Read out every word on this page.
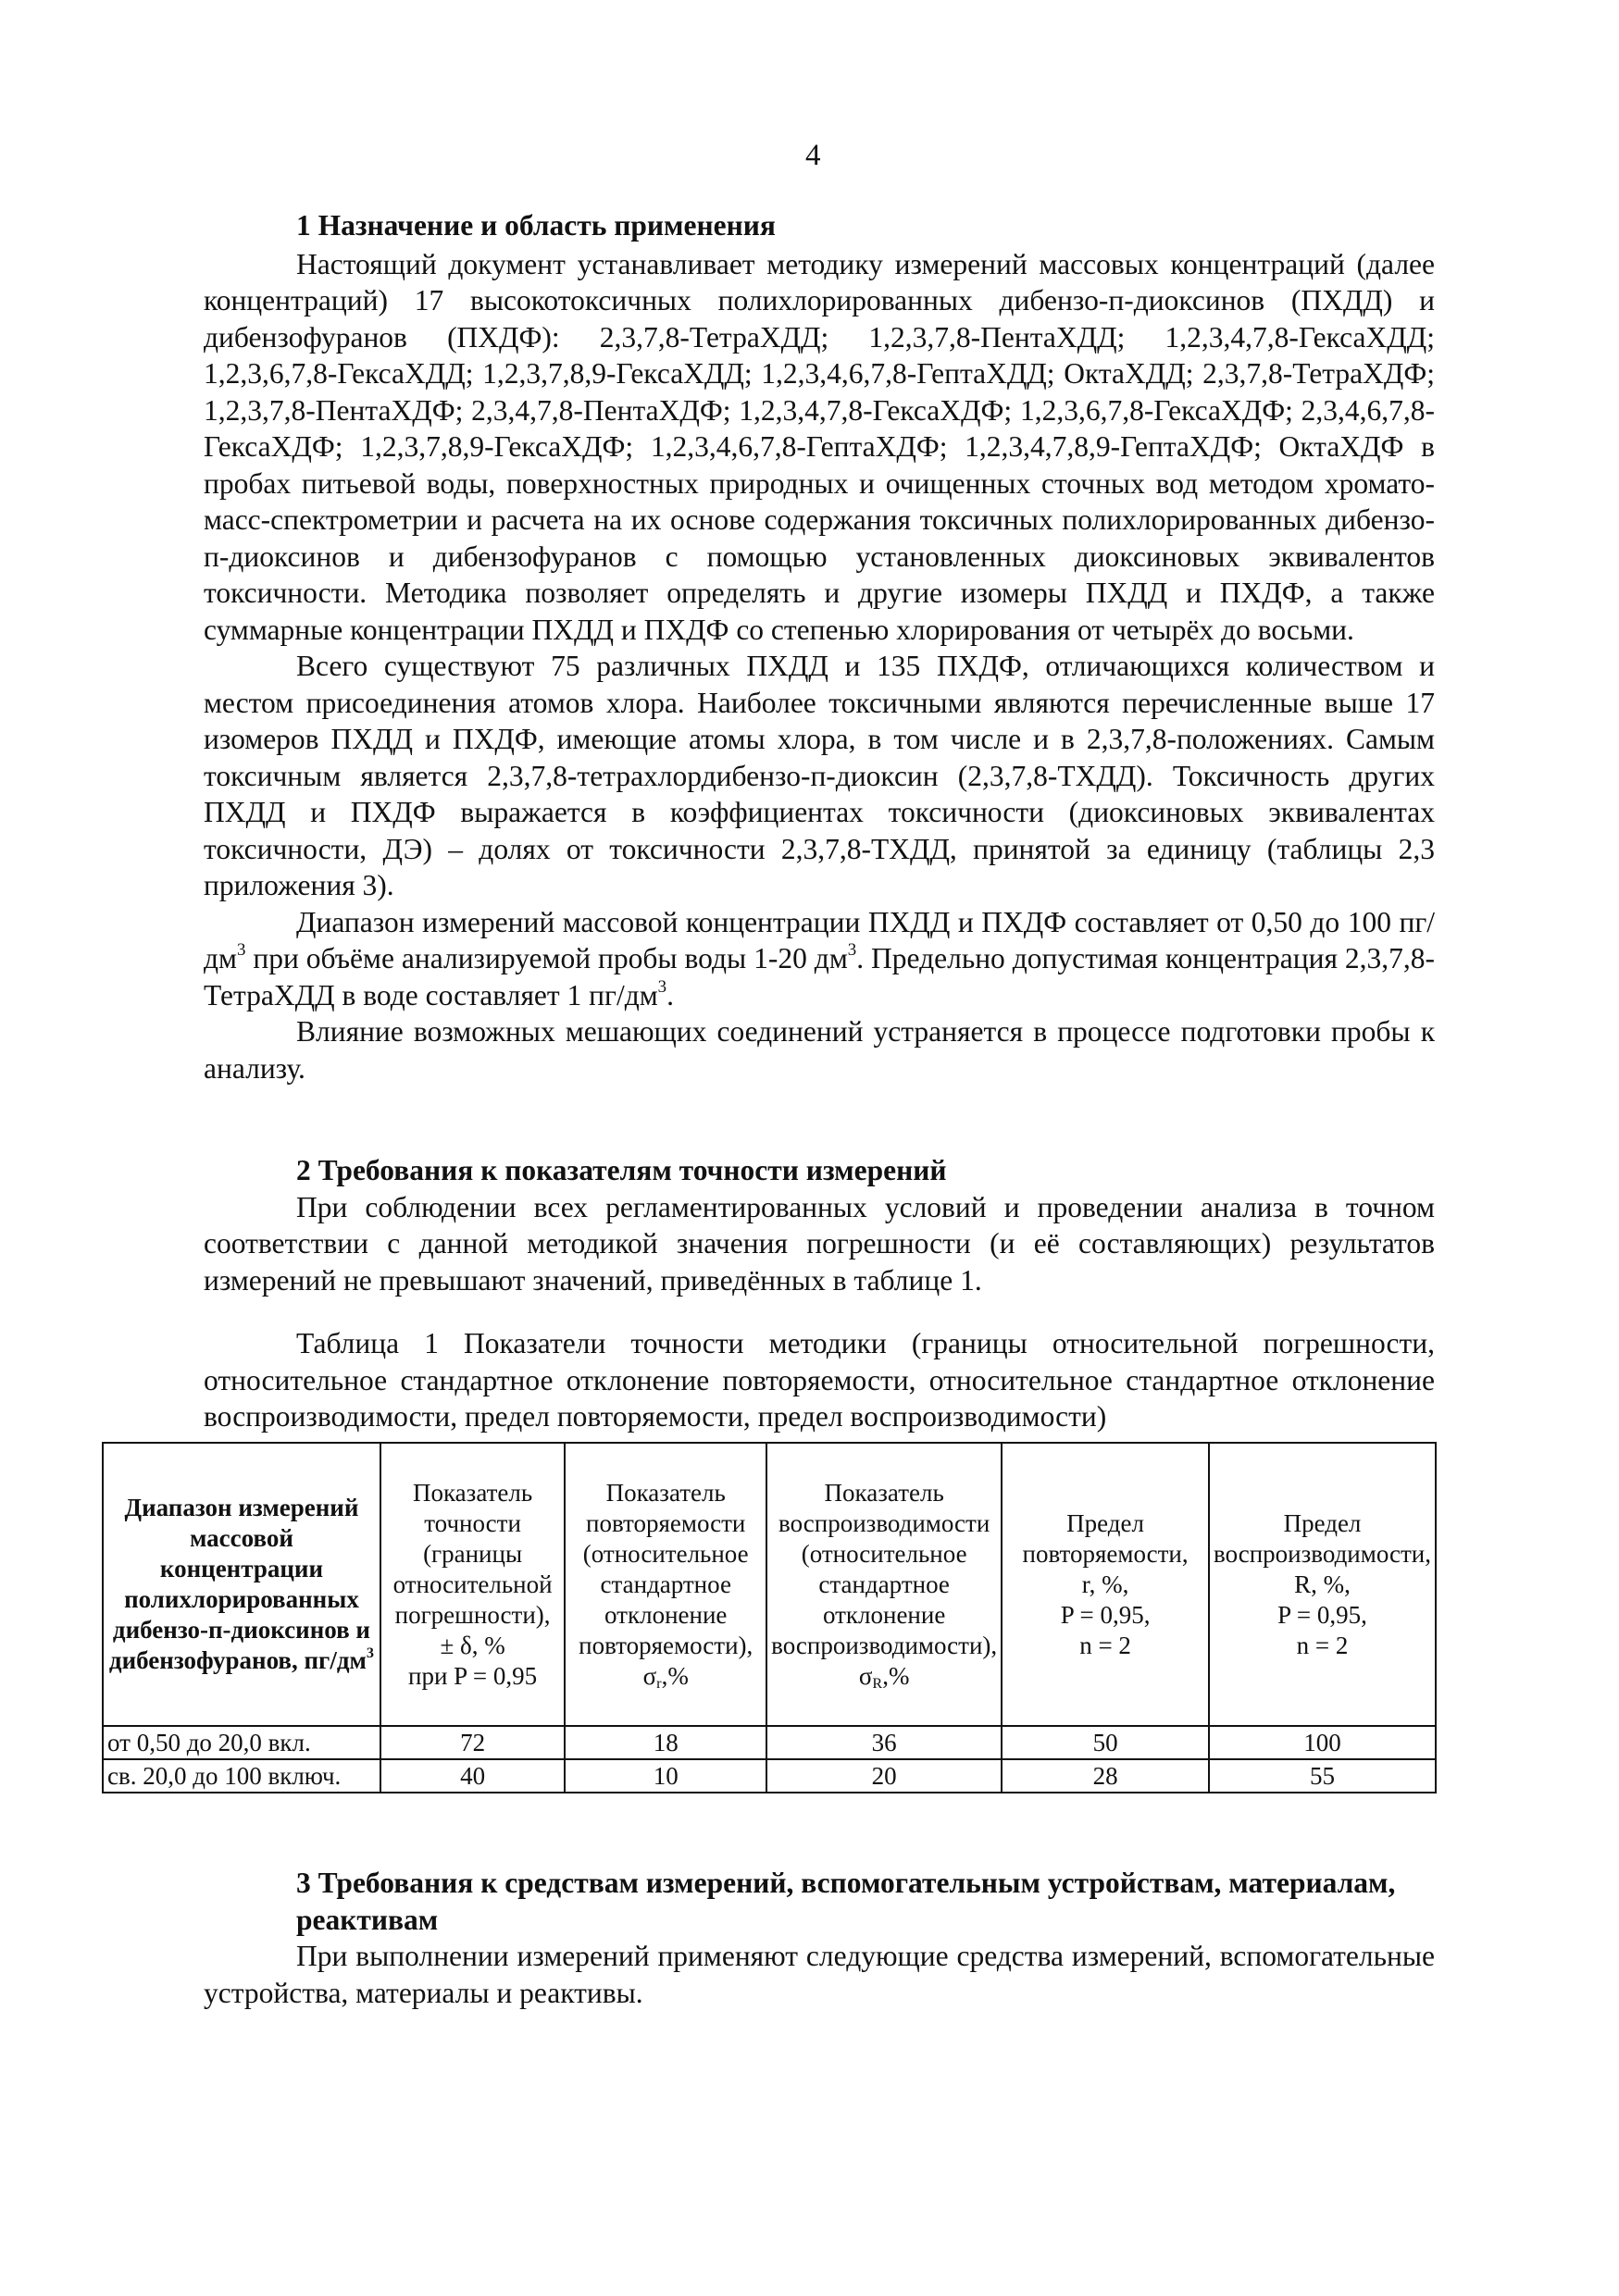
4

1 Назначение и область применения

Настоящий документ устанавливает методику измерений массовых концентраций (далее концентраций) 17 высокотоксичных полихлорированных дибензо-п-диоксинов (ПХДД) и дибензофуранов (ПХДФ): 2,3,7,8-ТетраХДД; 1,2,3,7,8-ПентаХДД; 1,2,3,4,7,8-ГексаХДД; 1,2,3,6,7,8-ГексаХДД; 1,2,3,7,8,9-ГексаХДД; 1,2,3,4,6,7,8-ГептаХДД; ОктаХДД; 2,3,7,8-ТетраХДФ; 1,2,3,7,8-ПентаХДФ; 2,3,4,7,8-ПентаХДФ; 1,2,3,4,7,8-ГексаХДФ; 1,2,3,6,7,8-ГексаХДФ; 2,3,4,6,7,8-ГексаХДФ; 1,2,3,7,8,9-ГексаХДФ; 1,2,3,4,6,7,8-ГептаХДФ; 1,2,3,4,7,8,9-ГептаХДФ; ОктаХДФ в пробах питьевой воды, поверхностных природных и очищенных сточных вод методом хромато-масс-спектрометрии и расчета на их основе содержания токсичных полихлорированных дибензо-п-диоксинов и дибензофуранов с помощью установленных диоксиновых эквивалентов токсичности. Методика позволяет определять и другие изомеры ПХДД и ПХДФ, а также суммарные концентрации ПХДД и ПХДФ со степенью хлорирования от четырёх до восьми.

Всего существуют 75 различных ПХДД и 135 ПХДФ, отличающихся количеством и местом присоединения атомов хлора. Наиболее токсичными являются перечисленные выше 17 изомеров ПХДД и ПХДФ, имеющие атомы хлора, в том числе и в 2,3,7,8-положениях. Самым токсичным является 2,3,7,8-тетрахлордибензо-п-диоксин (2,3,7,8-ТХДД). Токсичность других ПХДД и ПХДФ выражается в коэффициентах токсичности (диоксиновых эквивалентах токсичности, ДЭ) – долях от токсичности 2,3,7,8-ТХДД, принятой за единицу (таблицы 2,3 приложения 3).

Диапазон измерений массовой концентрации ПХДД и ПХДФ составляет от 0,50 до 100 $пг/дм^3$ при объёме анализируемой пробы воды 1-20 $дм^3$. Предельно допустимая концентрация 2,3,7,8-ТетраХДД в воде составляет 1 $пг/дм^3$.

Влияние возможных мешающих соединений устраняется в процессе подготовки пробы к анализу.

2 Требования к показателям точности измерений

При соблюдении всех регламентированных условий и проведении анализа в точном соответствии с данной методикой значения погрешности (и её составляющих) результатов измерений не превышают значений, приведённых в таблице 1.

Таблица 1 Показатели точности методики (границы относительной погрешности, относительное стандартное отклонение повторяемости, относительное стандартное отклонение воспроизводимости, предел повторяемости, предел воспроизводимости)

Диапазон измерений массовой концентрации полихлорированных дибензо-п-диоксинов и дибензофуранов, $пг/дм^3$	Показатель точности (границы относительной погрешности),
± δ, %
при P = 0,95	Показатель повторяемости (относительное стандартное отклонение повторяемости),
$\sigma_r,\%$	Показатель воспроизводимости (относительное стандартное отклонение воспроизводимости),
$\sigma_R,\%$	Предел повторяемости,
r, %,
P = 0,95,
n = 2	Предел воспроизводимости,
R, %,
P = 0,95,
n = 2
от 0,50 до 20,0 вкл.	72	18	36	50	100
св. 20,0 до 100 включ.	40	10	20	28	55

3 Требования к средствам измерений, вспомогательным устройствам, материалам, реактивам

При выполнении измерений применяют следующие средства измерений, вспомогательные устройства, материалы и реактивы.
